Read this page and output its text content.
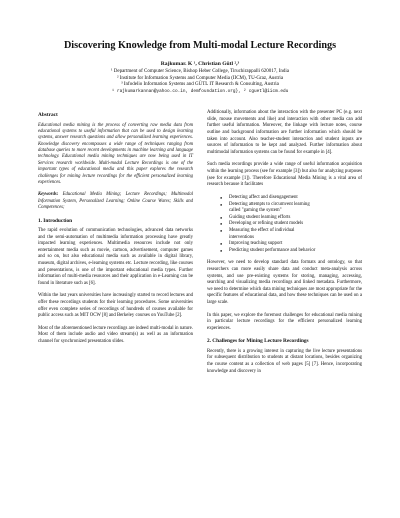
Discovering Knowledge from Multi-modal Lecture Recordings
Rajkumar. K ¹, Christian Gütl ²,³
¹ Department of Computer Science, Bishop Heber College, Tiruchirappalli 620017, India
² Institute for Information Systems and Computer Media (IICM), TU-Graz, Austria
³ Infodelio Information Systems and GÜTL IT Research & Consulting, Austria
¹ rajkumarkannan@yahoo.co.in, demfoundation.org}, ² cguetl@iicm.edu
Abstract

Educational media mining is the process of converting raw media data from educational systems to useful information that can be used to design learning systems, answer research questions and allow personalized learning experiences. Knowledge discovery encompasses a wide range of techniques ranging from database queries to more recent developments in machine learning and language technology. Educational media mining techniques are now being used in IT Services research worldwide. Multi-modal Lecture Recordings is one of the important types of educational media and this paper explores the research challenges for mining lecture recordings for the efficient personalized learning experiences.

Keywords: Educational Media Mining; Lecture Recordings; Multimodal Information System, Personalized Learning; Online Course Wares; Skills and Competences;

1. Introduction

The rapid evolution of communication technologies, advanced data networks and the semi-automation of multimedia information processing have greatly impacted learning experiences. Multimedia resources include not only entertainment media such as movie, cartoon, advertisement, computer games and so on, but also educational media such as available in digital library, museum, digital archives, e-learning systems etc. Lecture recording, like courses and presentations, is one of the important educational media types. Further information of multi-media resources and their application in e-Learning can be found in literature such as [6].

Within the last years universities have increasingly started to record lectures and offer these recordings students for their learning procedures. Some universities offer even complete series of recordings of hundreds of courses available for public access such as MIT OCW [8] and Berkeley courses on YouTube [2].

Most of the aforementioned lecture recordings are indeed multi-modal in nature. Most of them include audio and video stream(s) as well as an information channel for synchronized presentation slides.

Additionally, information about the interaction with the presenter PC (e.g. next slide, mouse movements and like) and interaction with other media can add further useful information. Moreover, the linkage with lecture notes, course outline and background information are further information which should be taken into account. Also teacher-student interaction and student inputs are sources of information to be kept and analyzed. Further information about multimodal information systems can be found for example in [4].

Such media recordings provide a wide range of useful information acquisition within the learning process (see for example [3]) but also for analyzing purposes (see for example [1]). Therefore Educational Media Mining is a vital area of research because it facilitates

● Detecting affect and disengagement
● Detecting attempts to circumvent learning
called "gaming the system"
● Guiding student learning efforts
● Developing or refining student models
● Measuring the effect of individual
interventions
● Improving teaching support
● Predicting student performance and behavior

However, we need to develop standard data formats and ontology, so that researchers can more easily share data and conduct meta-analysis across systems, and use pre-existing systems for storing, managing, accessing, searching and visualizing media recordings and linked metadata. Furthermore, we need to determine which data mining techniques are most appropriate for the specific features of educational data, and how these techniques can be used on a large scale.

In this paper, we explore the foremost challenges for educational media mining in particular lecture recordings for the efficient personalized learning experiences.

2. Challenges for Mining Lecture Recordings

Recently, there is a growing interest in capturing the live lecture presentations for subsequent distribution to students at distant locations, besides organizing the course content as a collection of web pages [5] [7]. Hence, incorporating knowledge and discovery in
